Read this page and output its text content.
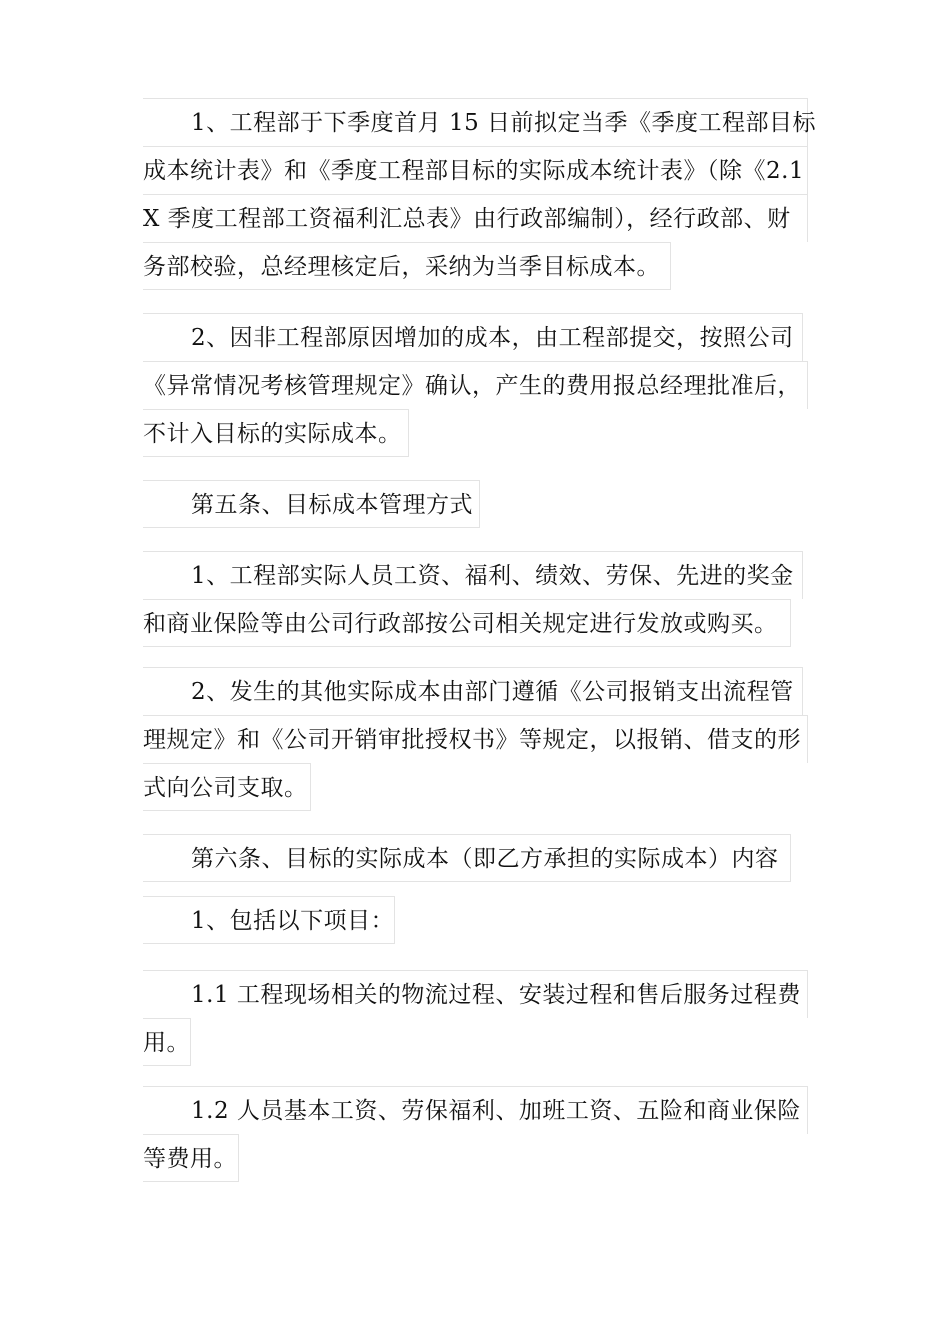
1、工程部于下季度首月 15 日前拟定当季《季度工程部目标
成本统计表》和《季度工程部目标的实际成本统计表》（除《2.1
X 季度工程部工资福利汇总表》由行政部编制），经行政部、财
务部校验，总经理核定后，采纳为当季目标成本。
2、因非工程部原因增加的成本，由工程部提交，按照公司
《异常情况考核管理规定》确认，产生的费用报总经理批准后，
不计入目标的实际成本。
第五条、目标成本管理方式
1、工程部实际人员工资、福利、绩效、劳保、先进的奖金
和商业保险等由公司行政部按公司相关规定进行发放或购买。
2、发生的其他实际成本由部门遵循《公司报销支出流程管
理规定》和《公司开销审批授权书》等规定，以报销、借支的形
式向公司支取。
第六条、目标的实际成本（即乙方承担的实际成本）内容
1、包括以下项目：
1.1 工程现场相关的物流过程、安装过程和售后服务过程费
用。
1.2 人员基本工资、劳保福利、加班工资、五险和商业保险
等费用。
